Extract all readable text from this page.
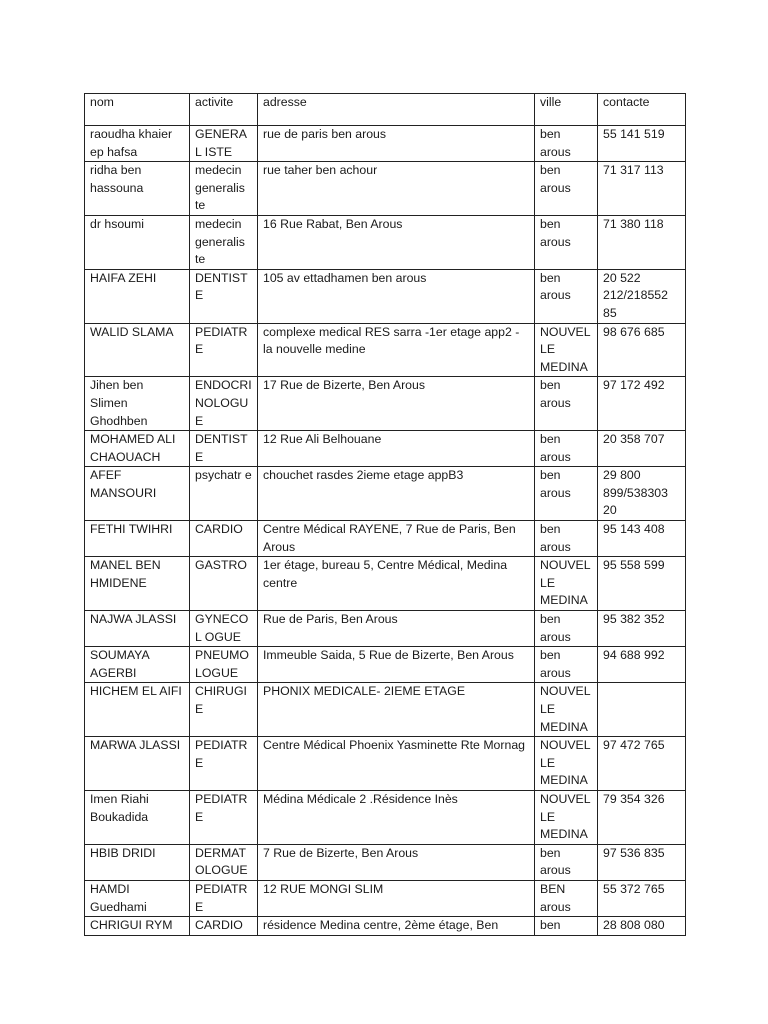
nom	activite	adresse	ville	contacte
raoudha khaier ep hafsa	GENERAL ISTE	rue de paris ben arous	ben arous	55 141 519
ridha ben hassouna	medecin generalis te	rue taher ben achour	ben arous	71 317 113
dr hsoumi	medecin generalis te	16 Rue Rabat, Ben Arous	ben arous	71 380 118
HAIFA ZEHI	DENTISTE	105 av ettadhamen ben arous	ben arous	20 522 212/218552 85
WALID SLAMA	PEDIATR E	complexe medical RES sarra -1er etage app2 - la nouvelle medine	NOUVEL LE MEDINA	98 676 685
Jihen ben Slimen Ghodhben	ENDOCRI NOLOGU E	17 Rue de Bizerte, Ben Arous	ben arous	97 172 492
MOHAMED ALI CHAOUACH	DENTISTE	12 Rue Ali Belhouane	ben arous	20 358 707
AFEF MANSOURI	psychatr e	chouchet rasdes 2ieme etage appB3	ben arous	29 800 899/538303 20
FETHI TWIHRI	CARDIO	Centre Médical RAYENE, 7 Rue de Paris, Ben Arous	ben arous	95 143 408
MANEL BEN HMIDENE	GASTRO	1er étage, bureau 5, Centre Médical, Medina centre	NOUVEL LE MEDINA	95 558 599
NAJWA JLASSI	GYNECOL OGUE	Rue de Paris, Ben Arous	ben arous	95 382 352
SOUMAYA AGERBI	PNEUMO LOGUE	Immeuble Saida, 5 Rue de Bizerte, Ben Arous	ben arous	94 688 992
HICHEM EL AIFI	CHIRUGI E	PHONIX MEDICALE- 2IEME ETAGE	NOUVEL LE MEDINA	
MARWA JLASSI	PEDIATR E	Centre Médical Phoenix Yasminette Rte Mornag	NOUVEL LE MEDINA	97 472 765
Imen Riahi Boukadida	PEDIATR E	Médina Médicale 2 .Résidence Inès	NOUVEL LE MEDINA	79 354 326
HBIB DRIDI	DERMAT OLOGUE	7 Rue de Bizerte, Ben Arous	ben arous	97 536 835
HAMDI Guedhami	PEDIATR E	12 RUE MONGI SLIM	BEN arous	55 372 765
CHRIGUI RYM	CARDIO	résidence Medina centre, 2ème étage, Ben	ben	28 808 080
